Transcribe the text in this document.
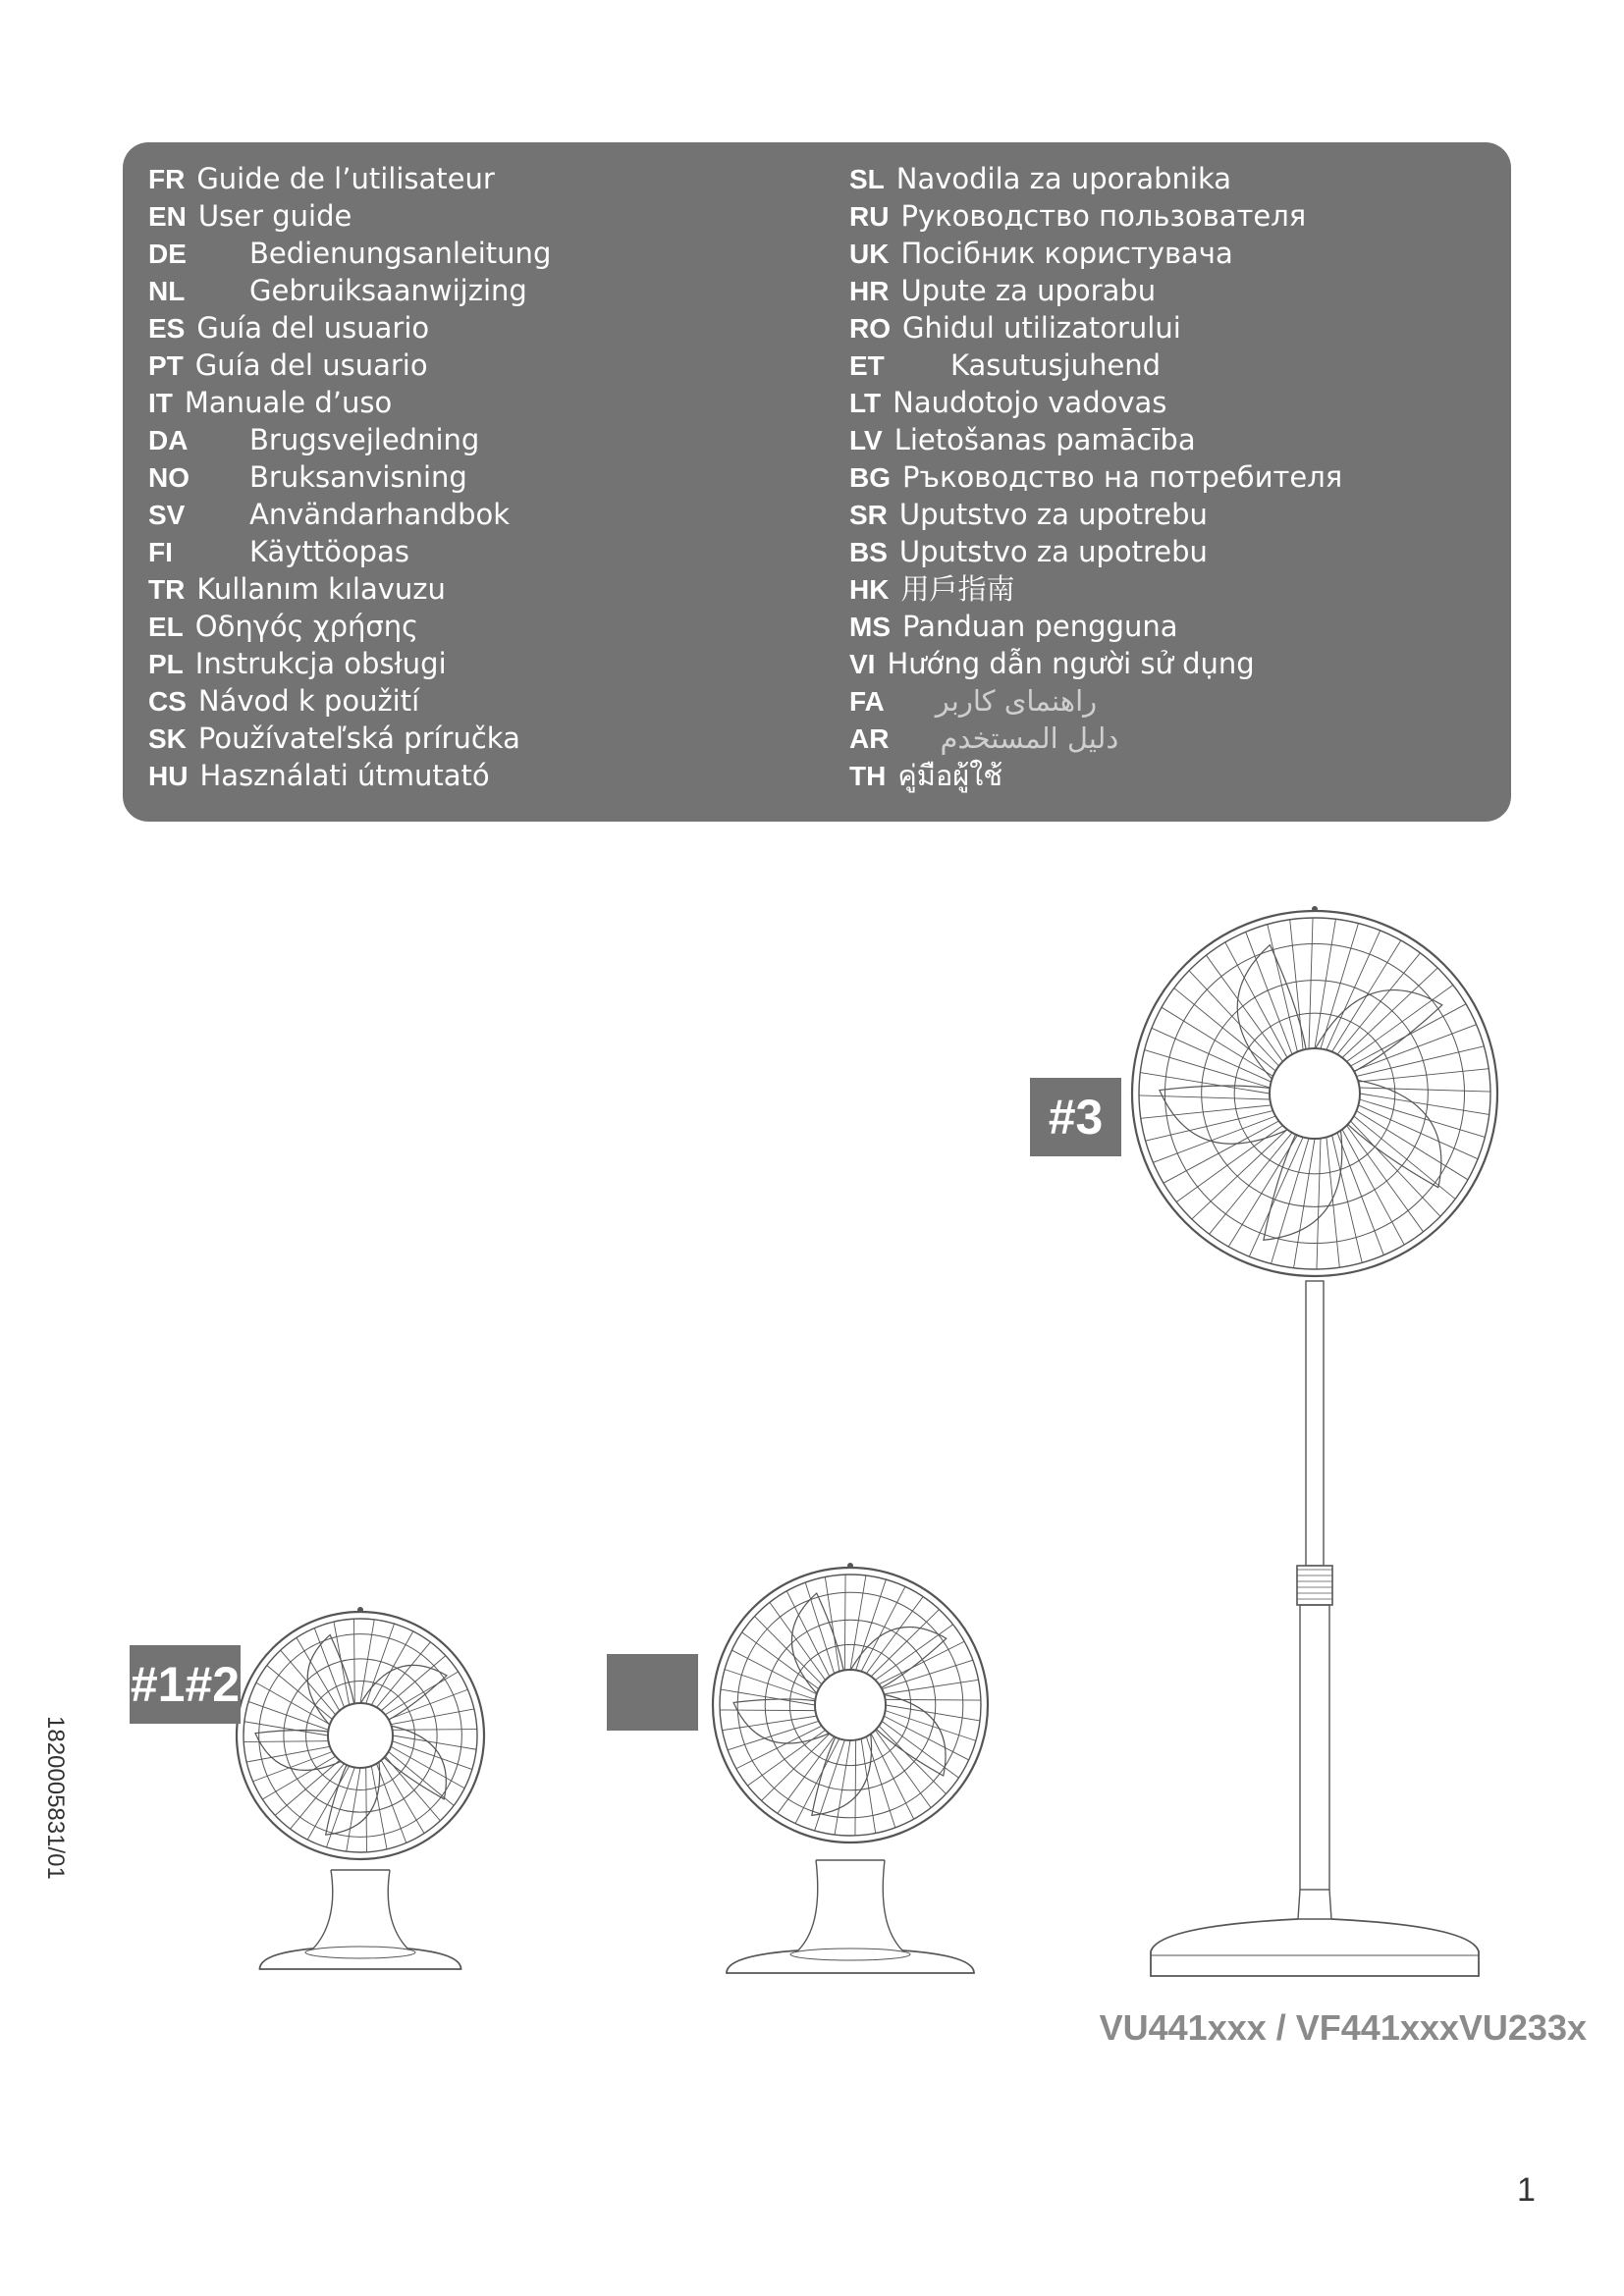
FR Guide de l’utilisateur
EN User guide
DE Bedienungsanleitung
NL Gebruiksaanwijzing
ES Guía del usuario
PT Guía del usuario
IT Manuale d’uso
DA Brugsvejledning
NO Bruksanvisning
SV Användarhandbok
FI	Käyttöopas
TR Kullanım kılavuzu
EL Οδηγός χρήσης
PL Instrukcja obsługi
CS Návod k použití
SK Používateľská príručka
HU Használati útmutató
SL Navodila za uporabnika
RU Руководство пользователя
UK Посібник користувача
HR Upute za uporabu
RO Ghidul utilizatorului
ET Kasutusjuhend
LT Naudotojo vadovas
LV Lietošanas pamācība
BG Ръководство на потребителя
SR Uputstvo za upotrebu
BS Uputstvo za upotrebu
HK 用戶指南
MS Panduan pengguna
VI Hướng dẫn người sử dụng
FA راهنمای کاربر
AR دليل المستخدم
TH คู่มือผู้ใช้
#1#2
#3
VU441xxx / VF441xxxVU233x
1820005831/01
1
